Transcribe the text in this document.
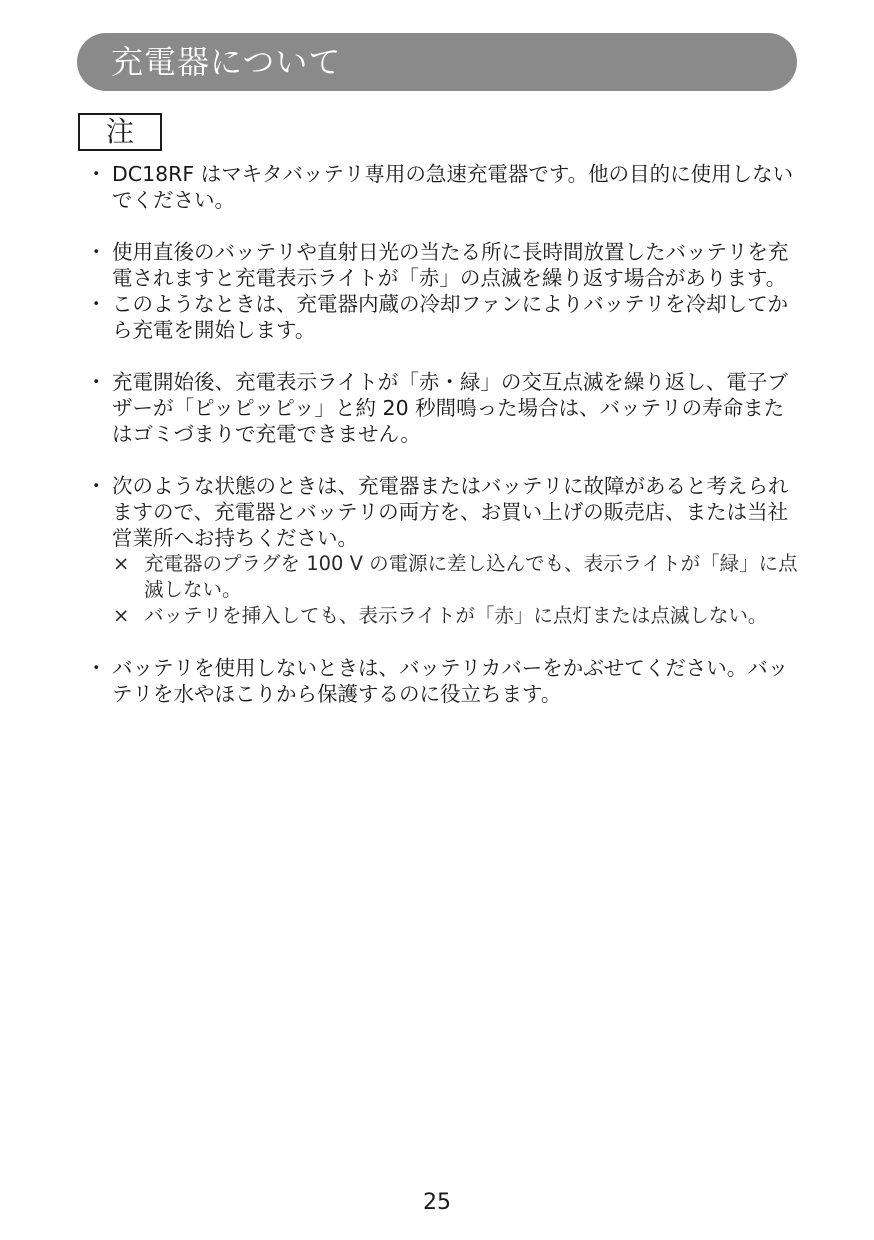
充電器について
注
・ DC18RF はマキタバッテリ専用の急速充電器です。他の目的に使用しないでください。
・ 使用直後のバッテリや直射日光の当たる所に長時間放置したバッテリを充電されますと充電表示ライトが「赤」の点滅を繰り返す場合があります。
・ このようなときは、充電器内蔵の冷却ファンによりバッテリを冷却してから充電を開始します。
・ 充電開始後、充電表示ライトが「赤・緑」の交互点滅を繰り返し、電子ブザーが「ピッピッピッ」と約 20 秒間鳴った場合は、バッテリの寿命またはゴミづまりで充電できません。
・ 次のような状態のときは、充電器またはバッテリに故障があると考えられますので、充電器とバッテリの両方を、お買い上げの販売店、または当社営業所へお持ちください。
× 充電器のプラグを 100 V の電源に差し込んでも、表示ライトが「緑」に点滅しない。
× バッテリを挿入しても、表示ライトが「赤」に点灯または点滅しない。
・ バッテリを使用しないときは、バッテリカバーをかぶせてください。バッテリを水やほこりから保護するのに役立ちます。
25
